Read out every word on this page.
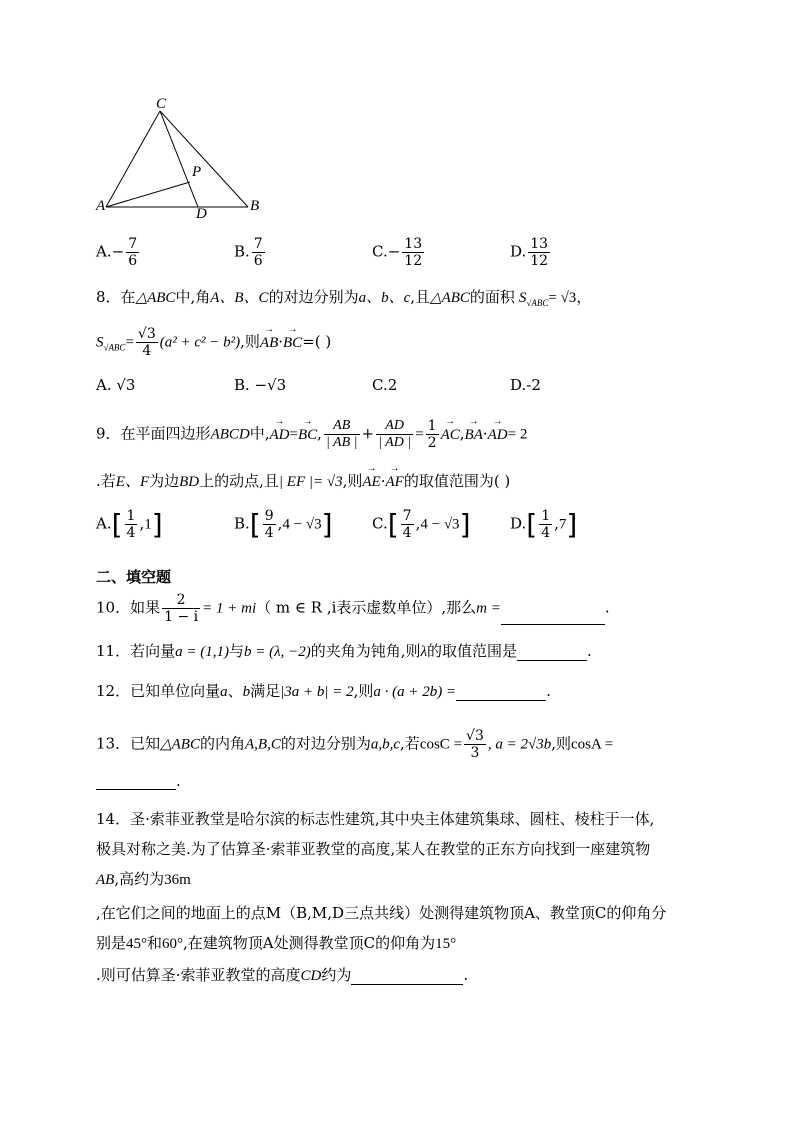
C
P
A	D	B
$A.- \frac{7}{6}$	B. $\frac{7}{6}$	$C.- \frac{13}{12}$	D. $\frac{13}{12}$
8．在△ABC中,角A、B、C的对边分别为a、b、c,且△ABC的面积 $S_{√ABC}= √3$，
$S_{√ABC}= \frac{√3}{4} (a^2 + c^2 - b^2)$,则→ AB·→ BC=( )
A. √3	B. −√3	C.2	D.-2
9．在平面四边形ABCD中,→ AD=→ BC, $\frac{AB}{| AB |} + \frac{AD}{| AD |} = \frac{1}{2}$
→ AC,→ BA·→ AD= 2
.若E、F为边BD上的动点,且| EF |= √3,则→ AE·→ AF的取值范围为( )
$A.[ \frac{1}{4} ,1]$	$B.[ \frac{9}{4} ,4 - √3]$	$C.[ \frac{7}{4} ,4 - √3]$	$D.[ \frac{1}{4} ,7]$
二、填空题
10．如果 $\frac{2}{1 - i} = 1 + mi$（ m ∈ R ,i表示虚数单位）,那么m =	.
11．若向量a = (1,1)与b = (λ, −2)的夹角为钝角,则λ的取值范围是	.
12．已知单位向量a、b满足|3a + b| = 2,则a · (a + 2b) =	.
13．已知△ABC的内角A,B,C的对边分别为a,b,c,若$\cos C = \frac{√3}{3}$ , a = 2√3b,则cosA =
.
14．圣·索菲亚教堂是哈尔滨的标志性建筑,其中央主体建筑集球、圆柱、棱柱于一体,
极具对称之美.为了估算圣·索菲亚教堂的高度,某人在教堂的正东方向找到一座建筑物
AB,高约为36m
,在它们之间的地面上的点M（B,M,D三点共线）处测得建筑物顶A、教堂顶C的仰角分
别是45°和60°,在建筑物顶A处测得教堂顶C的仰角为15°
.则可估算圣·索菲亚教堂的高度CD约为	.
